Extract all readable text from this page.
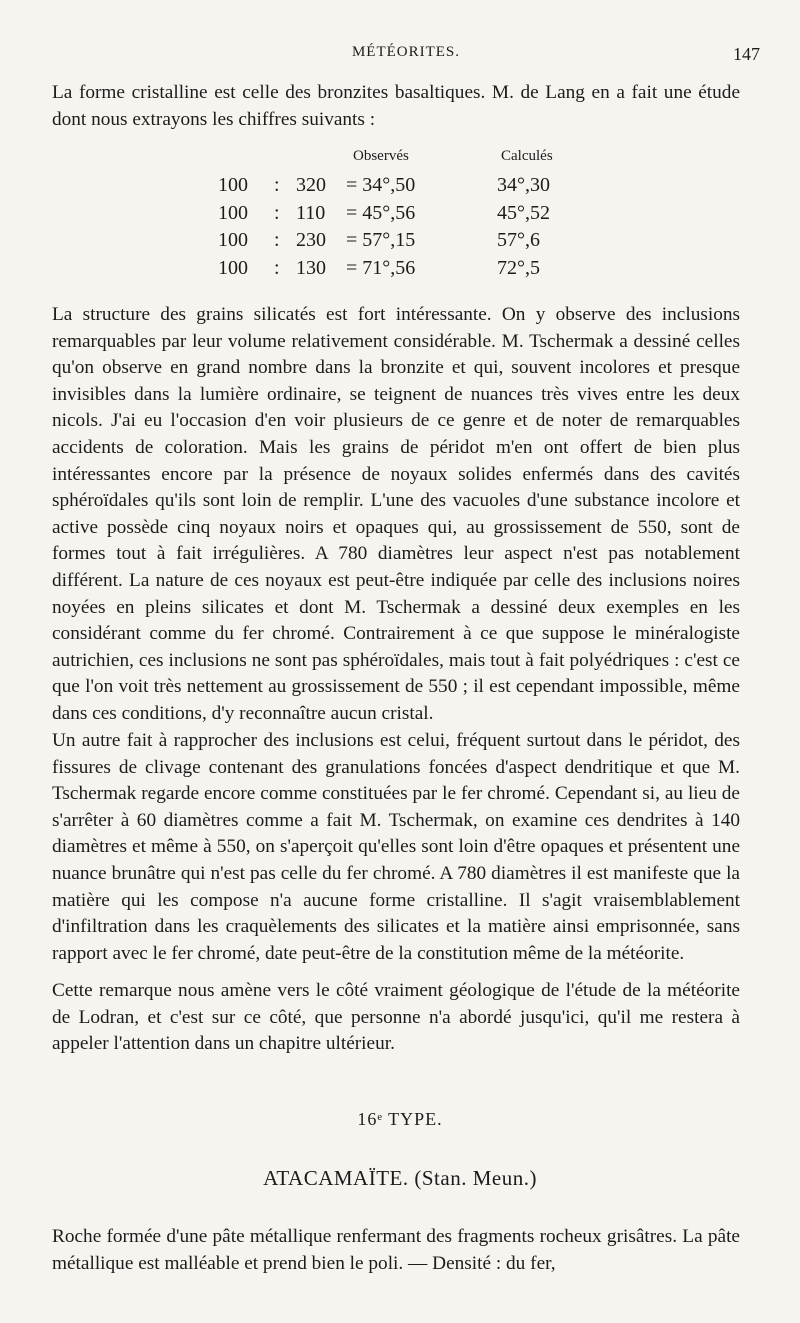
MÉTÉORITES.	147

La forme cristalline est celle des bronzites basaltiques. M. de Lang en a fait une étude dont nous extrayons les chiffres suivants :

Observés	Calculés
100 : 320 = 34°,50	34°,30
100 : 110 = 45°,56	45°,52
100 : 230 = 57°,15	57°,6
100 : 130 = 71°,56	72°,5

La structure des grains silicatés est fort intéressante. On y observe des inclusions remarquables par leur volume relativement considérable. M. Tschermak a dessiné celles qu'on observe en grand nombre dans la bronzite et qui, souvent incolores et presque invisibles dans la lumière ordinaire, se teignent de nuances très vives entre les deux nicols. J'ai eu l'occasion d'en voir plusieurs de ce genre et de noter de remarquables accidents de coloration. Mais les grains de péridot m'en ont offert de bien plus intéressantes encore par la présence de noyaux solides enfermés dans des cavités sphéroïdales qu'ils sont loin de remplir. L'une des vacuoles d'une substance incolore et active possède cinq noyaux noirs et opaques qui, au grossissement de 550, sont de formes tout à fait irrégulières. A 780 diamètres leur aspect n'est pas notablement différent. La nature de ces noyaux est peut-être indiquée par celle des inclusions noires noyées en pleins silicates et dont M. Tschermak a dessiné deux exemples en les considérant comme du fer chromé. Contrairement à ce que suppose le minéralogiste autrichien, ces inclusions ne sont pas sphéroïdales, mais tout à fait polyédriques : c'est ce que l'on voit très nettement au grossissement de 550 ; il est cependant impossible, même dans ces conditions, d'y reconnaître aucun cristal.

Un autre fait à rapprocher des inclusions est celui, fréquent surtout dans le péridot, des fissures de clivage contenant des granulations foncées d'aspect dendritique et que M. Tschermak regarde encore comme constituées par le fer chromé. Cependant si, au lieu de s'arrêter à 60 diamètres comme a fait M. Tschermak, on examine ces dendrites à 140 diamètres et même à 550, on s'aperçoit qu'elles sont loin d'être opaques et présentent une nuance brunâtre qui n'est pas celle du fer chromé. A 780 diamètres il est manifeste que la matière qui les compose n'a aucune forme cristalline. Il s'agit vraisemblablement d'infiltration dans les craquèlements des silicates et la matière ainsi emprisonnée, sans rapport avec le fer chromé, date peut-être de la constitution même de la météorite.

Cette remarque nous amène vers le côté vraiment géologique de l'étude de la météorite de Lodran, et c'est sur ce côté, que personne n'a abordé jusqu'ici, qu'il me restera à appeler l'attention dans un chapitre ultérieur.

16ᵉ TYPE.
ATACAMAÏTE. (Stan. Meun.)

Roche formée d'une pâte métallique renfermant des fragments rocheux grisâtres. La pâte métallique est malléable et prend bien le poli. — Densité : du fer,
